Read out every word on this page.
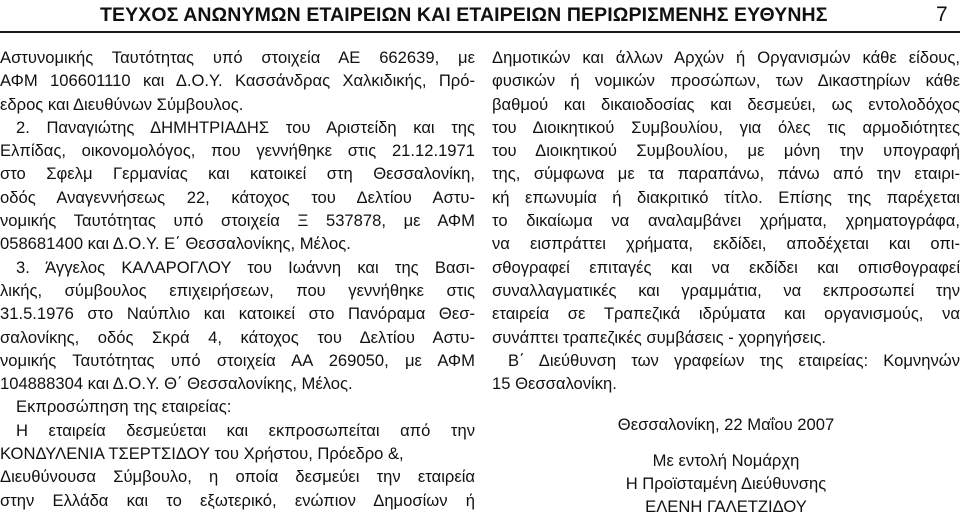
ΤΕΥΧΟΣ ΑΝΩΝΥΜΩΝ ΕΤΑΙΡΕΙΩΝ ΚΑΙ ΕΤΑΙΡΕΙΩΝ ΠΕΡΙΩΡΙΣΜΕΝΗΣ ΕΥΘΥΝΗΣ	7
Αστυνομικής Ταυτότητας υπό στοιχεία ΑΕ 662639, με
ΑΦΜ 106601110 και Δ.Ο.Υ. Κασσάνδρας Χαλκιδικής, Πρό-
εδρος και Διευθύνων Σύμβουλος.
2. Παναγιώτης ΔΗΜΗΤΡΙΑΔΗΣ του Αριστείδη και της
Ελπίδας, οικονομολόγος, που γεννήθηκε στις 21.12.1971
στο Σφελμ Γερμανίας και κατοικεί στη Θεσσαλονίκη,
οδός Αναγεννήσεως 22, κάτοχος του Δελτίου Αστυ-
νομικής Ταυτότητας υπό στοιχεία Ξ 537878, με ΑΦΜ
058681400 και Δ.Ο.Υ. Ε΄ Θεσσαλονίκης, Μέλος.
3. Άγγελος ΚΑΛΑΡΟΓΛΟΥ του Ιωάννη και της Βασι-
λικής, σύμβουλος επιχειρήσεων, που γεννήθηκε στις
31.5.1976 στο Ναύπλιο και κατοικεί στο Πανόραμα Θεσ-
σαλονίκης, οδός Σκρά 4, κάτοχος του Δελτίου Αστυ-
νομικής Ταυτότητας υπό στοιχεία ΑΑ 269050, με ΑΦΜ
104888304 και Δ.Ο.Υ. Θ΄ Θεσσαλονίκης, Μέλος.
Εκπροσώπηση της εταιρείας:
Η εταιρεία δεσμεύεται και εκπροσωπείται από την
ΚΟΝΔΥΛΕΝΙΑ ΤΣΕΡΤΣΙΔΟΥ του Χρήστου, Πρόεδρο &,
Διευθύνουσα Σύμβουλο, η οποία δεσμεύει την εταιρεία
στην Ελλάδα και το εξωτερικό, ενώπιον Δημοσίων ή
Δημοτικών και άλλων Αρχών ή Οργανισμών κάθε είδους,
φυσικών ή νομικών προσώπων, των Δικαστηρίων κάθε
βαθμού και δικαιοδοσίας και δεσμεύει, ως εντολοδόχος
του Διοικητικού Συμβουλίου, για όλες τις αρμοδιότητες
του Διοικητικού Συμβουλίου, με μόνη την υπογραφή
της, σύμφωνα με τα παραπάνω, πάνω από την εταιρι-
κή επωνυμία ή διακριτικό τίτλο. Επίσης της παρέχεται
το δικαίωμα να αναλαμβάνει χρήματα, χρηματογράφα,
να εισπράττει χρήματα, εκδίδει, αποδέχεται και οπι-
σθογραφεί επιταγές και να εκδίδει και οπισθογραφεί
συναλλαγματικές και γραμμάτια, να εκπροσωπεί την
εταιρεία σε Τραπεζικά ιδρύματα και οργανισμούς, να
συνάπτει τραπεζικές συμβάσεις - χορηγήσεις.
Β΄ Διεύθυνση των γραφείων της εταιρείας: Κομνηνών
15 Θεσσαλονίκη.
Θεσσαλονίκη, 22 Μαΐου 2007
Με εντολή Νομάρχη
Η Προϊσταμένη Διεύθυνσης
ΕΛΕΝΗ ΓΑΛΕΤΖΙΔΟΥ
